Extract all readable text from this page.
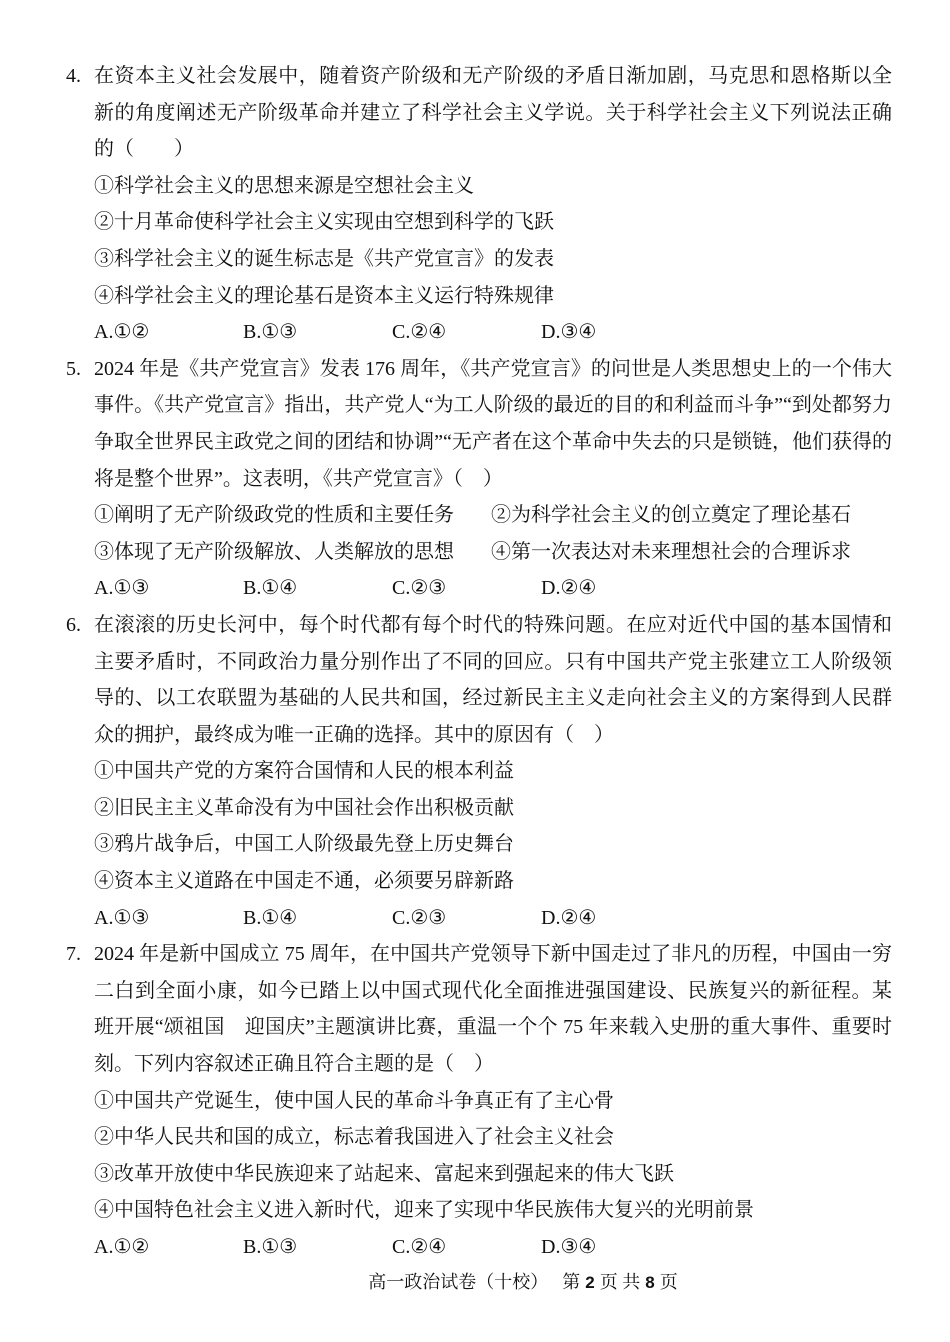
4. 在资本主义社会发展中，随着资产阶级和无产阶级的矛盾日渐加剧，马克思和恩格斯以全新的角度阐述无产阶级革命并建立了科学社会主义学说。关于科学社会主义下列说法正确的（　　）
①科学社会主义的思想来源是空想社会主义
②十月革命使科学社会主义实现由空想到科学的飞跃
③科学社会主义的诞生标志是《共产党宣言》的发表
④科学社会主义的理论基石是资本主义运行特殊规律
A.①②	B.①③	C.②④	D.③④
5. 2024 年是《共产党宣言》发表 176 周年，《共产党宣言》的问世是人类思想史上的一个伟大事件。《共产党宣言》指出，共产党人“为工人阶级的最近的目的和利益而斗争”“到处都努力争取全世界民主政党之间的团结和协调”“无产者在这个革命中失去的只是锁链，他们获得的将是整个世界”。这表明，《共产党宣言》（　）
①阐明了无产阶级政党的性质和主要任务	②为科学社会主义的创立奠定了理论基石
③体现了无产阶级解放、人类解放的思想	④第一次表达对未来理想社会的合理诉求
A.①③	B.①④	C.②③	D.②④
6. 在滚滚的历史长河中，每个时代都有每个时代的特殊问题。在应对近代中国的基本国情和主要矛盾时，不同政治力量分别作出了不同的回应。只有中国共产党主张建立工人阶级领导的、以工农联盟为基础的人民共和国，经过新民主主义走向社会主义的方案得到人民群众的拥护，最终成为唯一正确的选择。其中的原因有（　）
①中国共产党的方案符合国情和人民的根本利益
②旧民主主义革命没有为中国社会作出积极贡献
③鸦片战争后，中国工人阶级最先登上历史舞台
④资本主义道路在中国走不通，必须要另辟新路
A.①③	B.①④	C.②③	D.②④
7. 2024 年是新中国成立 75 周年，在中国共产党领导下新中国走过了非凡的历程，中国由一穷二白到全面小康，如今已踏上以中国式现代化全面推进强国建设、民族复兴的新征程。某班开展“颂祖国　迎国庆”主题演讲比赛，重温一个个 75 年来载入史册的重大事件、重要时刻。下列内容叙述正确且符合主题的是（　）
①中国共产党诞生，使中国人民的革命斗争真正有了主心骨
②中华人民共和国的成立，标志着我国进入了社会主义社会
③改革开放使中华民族迎来了站起来、富起来到强起来的伟大飞跃
④中国特色社会主义进入新时代，迎来了实现中华民族伟大复兴的光明前景
A.①②	B.①③	C.②④	D.③④
高一政治试卷（十校） 第 2 页 共 8 页
